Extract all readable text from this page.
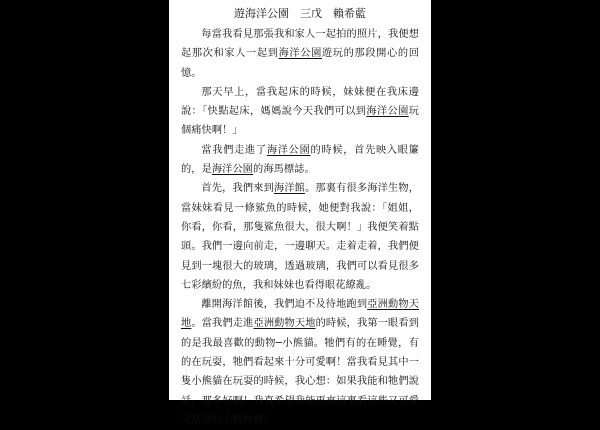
遊海洋公園　三戊　賴希藍

每當我看見那張我和家人一起拍的照片，我便想起那次和家人一起到海洋公園遊玩的那段開心的回憶。

那天早上，當我起床的時候，妹妹便在我床邊說：「快點起床，媽媽說今天我們可以到海洋公園玩個痛快啊！」

當我們走進了海洋公園的時候，首先映入眼簾的，是海洋公園的海馬標誌。

首先，我們來到海洋館。那裏有很多海洋生物，當妹妹看見一條鯊魚的時候，她便對我說：「姐姐，你看，你看，那隻鯊魚很大，很大啊！」我便笑着點頭。我們一邊向前走，一邊聊天。走着走着，我們便見到一塊很大的玻璃，透過玻璃，我們可以看見很多七彩繽紛的魚，我和妹妹也看得眼花繚亂。

離開海洋館後，我們迫不及待地跑到亞洲動物天地。當我們走進亞洲動物天地的時候，我第一眼看到的是我最喜歡的動物─小熊貓。牠們有的在睡覺，有的在玩耍，牠們看起來十分可愛啊！當我看見其中一隻小熊貓在玩耍的時候，我心想：如果我能和牠們說話，那多好啊！我真希望我能再來這裏看這些又可愛又活潑的小動物啊！
